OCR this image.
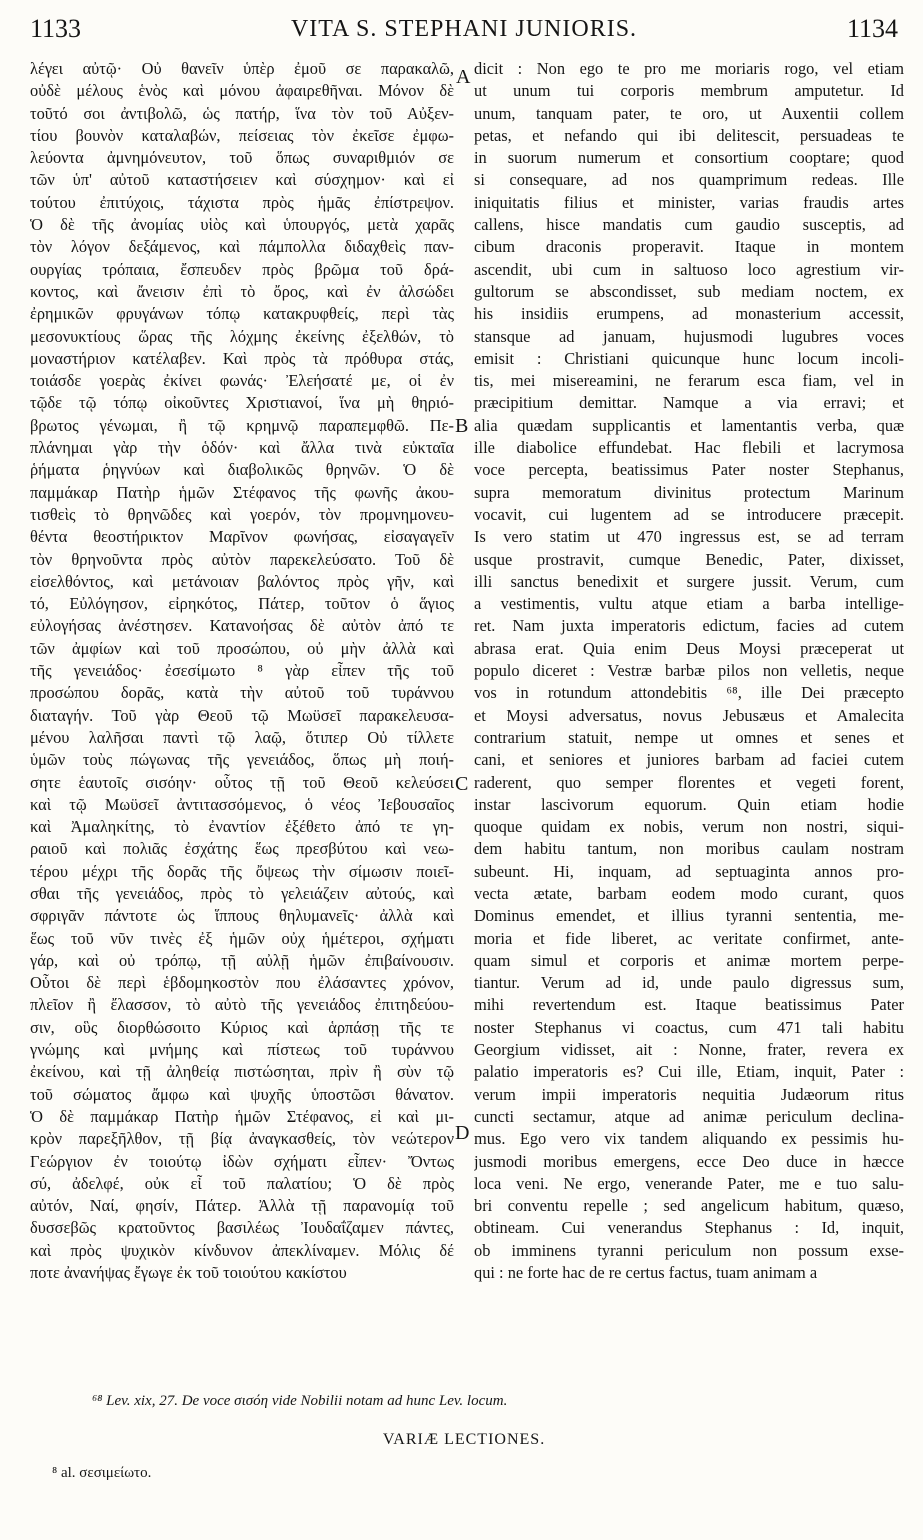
1133	VITA S. STEPHANI JUNIORIS.	1134
λέγει αὐτῷ· Οὐ θανεῖν ὑπὲρ ἐμοῦ σε παρακαλῶ,
οὐδὲ μέλους ἑνὸς καὶ μόνου ἀφαιρεθῆναι. Μόνον δὲ
τοῦτό σοι ἀντιβολῶ, ὡς πατήρ, ἵνα τὸν τοῦ Αὐξεν-
τίου βουνὸν καταλαβών, πείσειας τὸν ἐκεῖσε ἐμφω-
λεύοντα ἀμνημόνευτον, τοῦ ὅπως συναριθμιόν σε
τῶν ὑπ' αὐτοῦ καταστήσειεν καὶ σύσχημον· καὶ εἰ
τούτου ἐπιτύχοις, τάχιστα πρὸς ἡμᾶς ἐπίστρεψον.
Ὁ δὲ τῆς ἀνομίας υἱὸς καὶ ὑπουργός, μετὰ χαρᾶς
τὸν λόγον δεξάμενος, καὶ πάμπολλα διδαχθεὶς παν-
ουργίας τρόπαια, ἔσπευδεν πρὸς βρῶμα τοῦ δρά-
κοντος, καὶ ἄνεισιν ἐπὶ τὸ ὄρος, καὶ ἐν ἀλσώδει
ἐρημικῶν φρυγάνων τόπῳ κατακρυφθείς, περὶ τὰς
μεσονυκτίους ὥρας τῆς λόχμης ἐκείνης ἐξελθών, τὸ
μοναστήριον κατέλαβεν. Καὶ πρὸς τὰ πρόθυρα στάς,
τοιάσδε γοερὰς ἐκίνει φωνάς· Ἐλεήσατέ με, οἱ ἐν
τῷδε τῷ τόπῳ οἰκοῦντες Χριστιανοί, ἵνα μὴ θηριό-
βρωτος γένωμαι, ἢ τῷ κρημνῷ παραπεμφθῶ. Πε-
πλάνημαι γὰρ τὴν ὁδόν· καὶ ἄλλα τινὰ εὐκταῖα
ῥήματα ῥηγνύων καὶ διαβολικῶς θρηνῶν. Ὁ δὲ
παμμάκαρ Πατὴρ ἡμῶν Στέφανος τῆς φωνῆς ἀκου-
τισθεὶς τὸ θρηνῶδες καὶ γοερόν, τὸν προμνημονευ-
θέντα θεοστήρικτον Μαρῖνον φωνήσας, εἰσαγαγεῖν
τὸν θρηνοῦντα πρὸς αὐτὸν παρεκελεύσατο. Τοῦ δὲ
εἰσελθόντος, καὶ μετάνοιαν βαλόντος πρὸς γῆν, καὶ
τό, Εὐλόγησον, εἰρηκότος, Πάτερ, τοῦτον ὁ ἅγιος
εὐλογήσας ἀνέστησεν. Κατανοήσας δὲ αὐτὸν ἀπό τε
τῶν ἀμφίων καὶ τοῦ προσώπου, οὐ μὴν ἀλλὰ καὶ
τῆς γενειάδος· ἐσεσίμωτο ⁸ γὰρ εἶπεν τῆς τοῦ
προσώπου δορᾶς, κατὰ τὴν αὐτοῦ τοῦ τυράννου
διαταγήν. Τοῦ γὰρ Θεοῦ τῷ Μωϋσεῖ παρακελευσα-
μένου λαλῆσαι παντὶ τῷ λαῷ, ὅτιπερ Οὐ τίλλετε
ὑμῶν τοὺς πώγωνας τῆς γενειάδος, ὅπως μὴ ποιή-
σητε ἑαυτοῖς σισόην· οὗτος τῇ τοῦ Θεοῦ κελεύσει
καὶ τῷ Μωϋσεῖ ἀντιτασσόμενος, ὁ νέος Ἰεβουσαῖος
καὶ Ἀμαληκίτης, τὸ ἐναντίον ἐξέθετο ἀπό τε γη-
ραιοῦ καὶ πολιᾶς ἐσχάτης ἕως πρεσβύτου καὶ νεω-
τέρου μέχρι τῆς δορᾶς τῆς ὄψεως τὴν σίμωσιν ποιεῖ-
σθαι τῆς γενειάδος, πρὸς τὸ γελειάζειν αὐτούς, καὶ
σφριγᾶν πάντοτε ὡς ἵππους θηλυμανεῖς· ἀλλὰ καὶ
ἕως τοῦ νῦν τινὲς ἐξ ἡμῶν οὐχ ἡμέτεροι, σχήματι
γάρ, καὶ οὐ τρόπῳ, τῇ αὐλῇ ἡμῶν ἐπιβαίνουσιν.
Οὗτοι δὲ περὶ ἑβδομηκοστὸν που ἐλάσαντες χρόνον,
πλεῖον ἢ ἔλασσον, τὸ αὐτὸ τῆς γενειάδος ἐπιτηδεύου-
σιν, οὓς διορθώσοιτο Κύριος καὶ ἁρπάσῃ τῆς τε
γνώμης καὶ μνήμης καὶ πίστεως τοῦ τυράννου
ἐκείνου, καὶ τῇ ἀληθείᾳ πιστώσηται, πρὶν ἢ σὺν τῷ
τοῦ σώματος ἄμφω καὶ ψυχῆς ὑποστῶσι θάνατον.
Ὁ δὲ παμμάκαρ Πατὴρ ἡμῶν Στέφανος, εἰ καὶ μι-
κρὸν παρεξῆλθον, τῇ βίᾳ ἀναγκασθείς, τὸν νεώτερον
Γεώργιον ἐν τοιούτῳ ἰδὼν σχήματι εἶπεν· Ὄντως
σύ, ἀδελφέ, οὐκ εἶ τοῦ παλατίου; Ὁ δὲ πρὸς
αὐτόν, Ναί, φησίν, Πάτερ. Ἀλλὰ τῇ παρανομίᾳ τοῦ
δυσσεβῶς κρατοῦντος βασιλέως Ἰουδαΐζαμεν πάντες,
καὶ πρὸς ψυχικὸν κίνδυνον ἀπεκλίναμεν. Μόλις δέ
ποτε ἀνανήψας ἔγωγε ἐκ τοῦ τοιούτου κακίστου
dicit : Non ego te pro me moriaris rogo, vel etiam
ut unum tui corporis membrum amputetur. Id
unum, tanquam pater, te oro, ut Auxentii collem
petas, et nefando qui ibi delitescit, persuadeas te
in suorum numerum et consortium cooptare; quod
si consequare, ad nos quamprimum redeas. Ille
iniquitatis filius et minister, varias fraudis artes
callens, hisce mandatis cum gaudio susceptis, ad
cibum draconis properavit. Itaque in montem
ascendit, ubi cum in saltuoso loco agrestium vir-
gultorum se abscondisset, sub mediam noctem, ex
his insidiis erumpens, ad monasterium accessit,
stansque ad januam, hujusmodi lugubres voces
emisit : Christiani quicunque hunc locum incoli-
tis, mei misereamini, ne ferarum esca fiam, vel in
præcipitium demittar. Namque a via erravi; et
alia quædam supplicantis et lamentantis verba, quæ
ille diabolice effundebat. Hac flebili et lacrymosa
voce percepta, beatissimus Pater noster Stephanus,
supra memoratum divinitus protectum Marinum
vocavit, cui lugentem ad se introducere præcepit.
Is vero statim ut 470 ingressus est, se ad terram
usque prostravit, cumque Benedic, Pater, dixisset,
illi sanctus benedixit et surgere jussit. Verum, cum
a vestimentis, vultu atque etiam a barba intellige-
ret. Nam juxta imperatoris edictum, facies ad cutem
abrasa erat. Quia enim Deus Moysi præceperat ut
populo diceret : Vestræ barbæ pilos non velletis, neque
vos in rotundum attondebitis ⁶⁸, ille Dei præcepto
et Moysi adversatus, novus Jebusæus et Amalecita
contrarium statuit, nempe ut omnes et senes et
cani, et seniores et juniores barbam ad faciei cutem
raderent, quo semper florentes et vegeti forent,
instar lascivorum equorum. Quin etiam hodie
quoque quidam ex nobis, verum non nostri, siqui-
dem habitu tantum, non moribus caulam nostram
subeunt. Hi, inquam, ad septuaginta annos pro-
vecta ætate, barbam eodem modo curant, quos
Dominus emendet, et illius tyranni sententia, me-
moria et fide liberet, ac veritate confirmet, ante-
quam simul et corporis et animæ mortem perpe-
tiantur. Verum ad id, unde paulo digressus sum,
mihi revertendum est. Itaque beatissimus Pater
noster Stephanus vi coactus, cum 471 tali habitu
Georgium vidisset, ait : Nonne, frater, revera ex
palatio imperatoris es? Cui ille, Etiam, inquit, Pater :
verum impii imperatoris nequitia Judæorum ritus
cuncti sectamur, atque ad animæ periculum declina-
mus. Ego vero vix tandem aliquando ex pessimis hu-
jusmodi moribus emergens, ecce Deo duce in hæcce
loca veni. Ne ergo, venerande Pater, me e tuo salu-
bri conventu repelle ; sed angelicum habitum, quæso,
obtineam. Cui venerandus Stephanus : Id, inquit,
ob imminens tyranni periculum non possum exse-
qui : ne forte hac de re certus factus, tuam animam a
A
B
C
D
⁶⁸ Lev. xix, 27. De voce σισόη vide Nobilii notam ad hunc Lev. locum.
VARIÆ LECTIONES.
⁸ al. σεσιμείωτο.
